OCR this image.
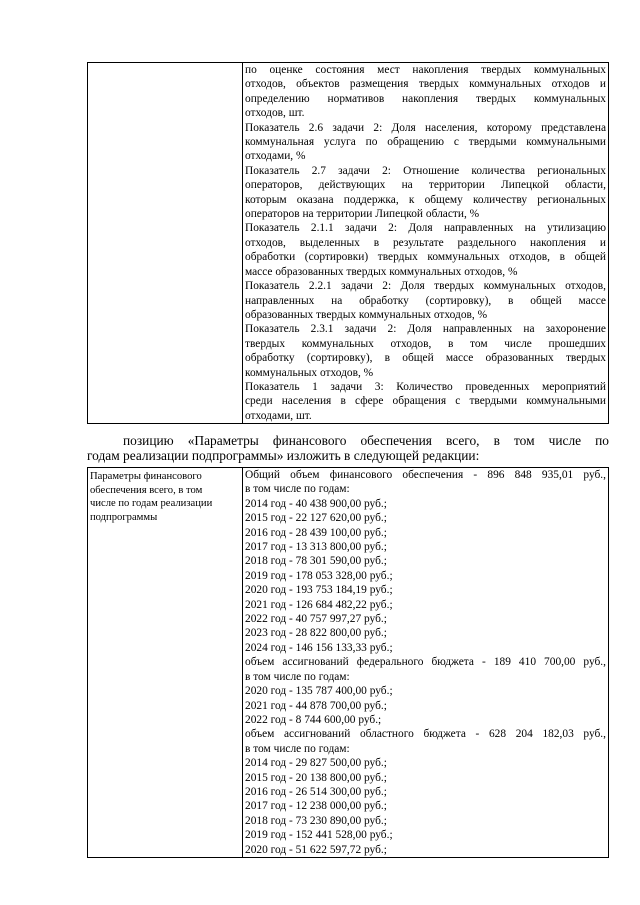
по оценке состояния мест накопления твердых коммунальных
отходов, объектов размещения твердых коммунальных отходов и
определению нормативов накопления твердых коммунальных
отходов, шт.
Показатель 2.6 задачи 2: Доля населения, которому представлена
коммунальная услуга по обращению с твердыми коммунальными
отходами, %
Показатель 2.7 задачи 2: Отношение количества региональных
операторов, действующих на территории Липецкой области,
которым оказана поддержка, к общему количеству региональных
операторов на территории Липецкой области, %
Показатель 2.1.1 задачи 2: Доля направленных на утилизацию
отходов, выделенных в результате раздельного накопления и
обработки (сортировки) твердых коммунальных отходов, в общей
массе образованных твердых коммунальных отходов, %
Показатель 2.2.1 задачи 2: Доля твердых коммунальных отходов,
направленных на обработку (сортировку), в общей массе
образованных твердых коммунальных отходов, %
Показатель 2.3.1 задачи 2: Доля направленных на захоронение
твердых коммунальных отходов, в том числе прошедших
обработку (сортировку), в общей массе образованных твердых
коммунальных отходов, %
Показатель 1 задачи 3: Количество проведенных мероприятий
среди населения в сфере обращения с твердыми коммунальными
отходами, шт.
позицию «Параметры финансового обеспечения всего, в том числе по
годам реализации подпрограммы» изложить в следующей редакции:
Параметры финансового
обеспечения всего, в том
числе по годам реализации
подпрограммы

Общий объем финансового обеспечения - 896 848 935,01 руб.,
в том числе по годам:
2014 год - 40 438 900,00 руб.;
2015 год - 22 127 620,00 руб.;
2016 год - 28 439 100,00 руб.;
2017 год - 13 313 800,00 руб.;
2018 год - 78 301 590,00 руб.;
2019 год - 178 053 328,00 руб.;
2020 год - 193 753 184,19 руб.;
2021 год - 126 684 482,22 руб.;
2022 год - 40 757 997,27 руб.;
2023 год - 28 822 800,00 руб.;
2024 год - 146 156 133,33 руб.;
объем ассигнований федерального бюджета - 189 410 700,00 руб.,
в том числе по годам:
2020 год - 135 787 400,00 руб.;
2021 год - 44 878 700,00 руб.;
2022 год - 8 744 600,00 руб.;
объем ассигнований областного бюджета - 628 204 182,03 руб.,
в том числе по годам:
2014 год - 29 827 500,00 руб.;
2015 год - 20 138 800,00 руб.;
2016 год - 26 514 300,00 руб.;
2017 год - 12 238 000,00 руб.;
2018 год - 73 230 890,00 руб.;
2019 год - 152 441 528,00 руб.;
2020 год - 51 622 597,72 руб.;
